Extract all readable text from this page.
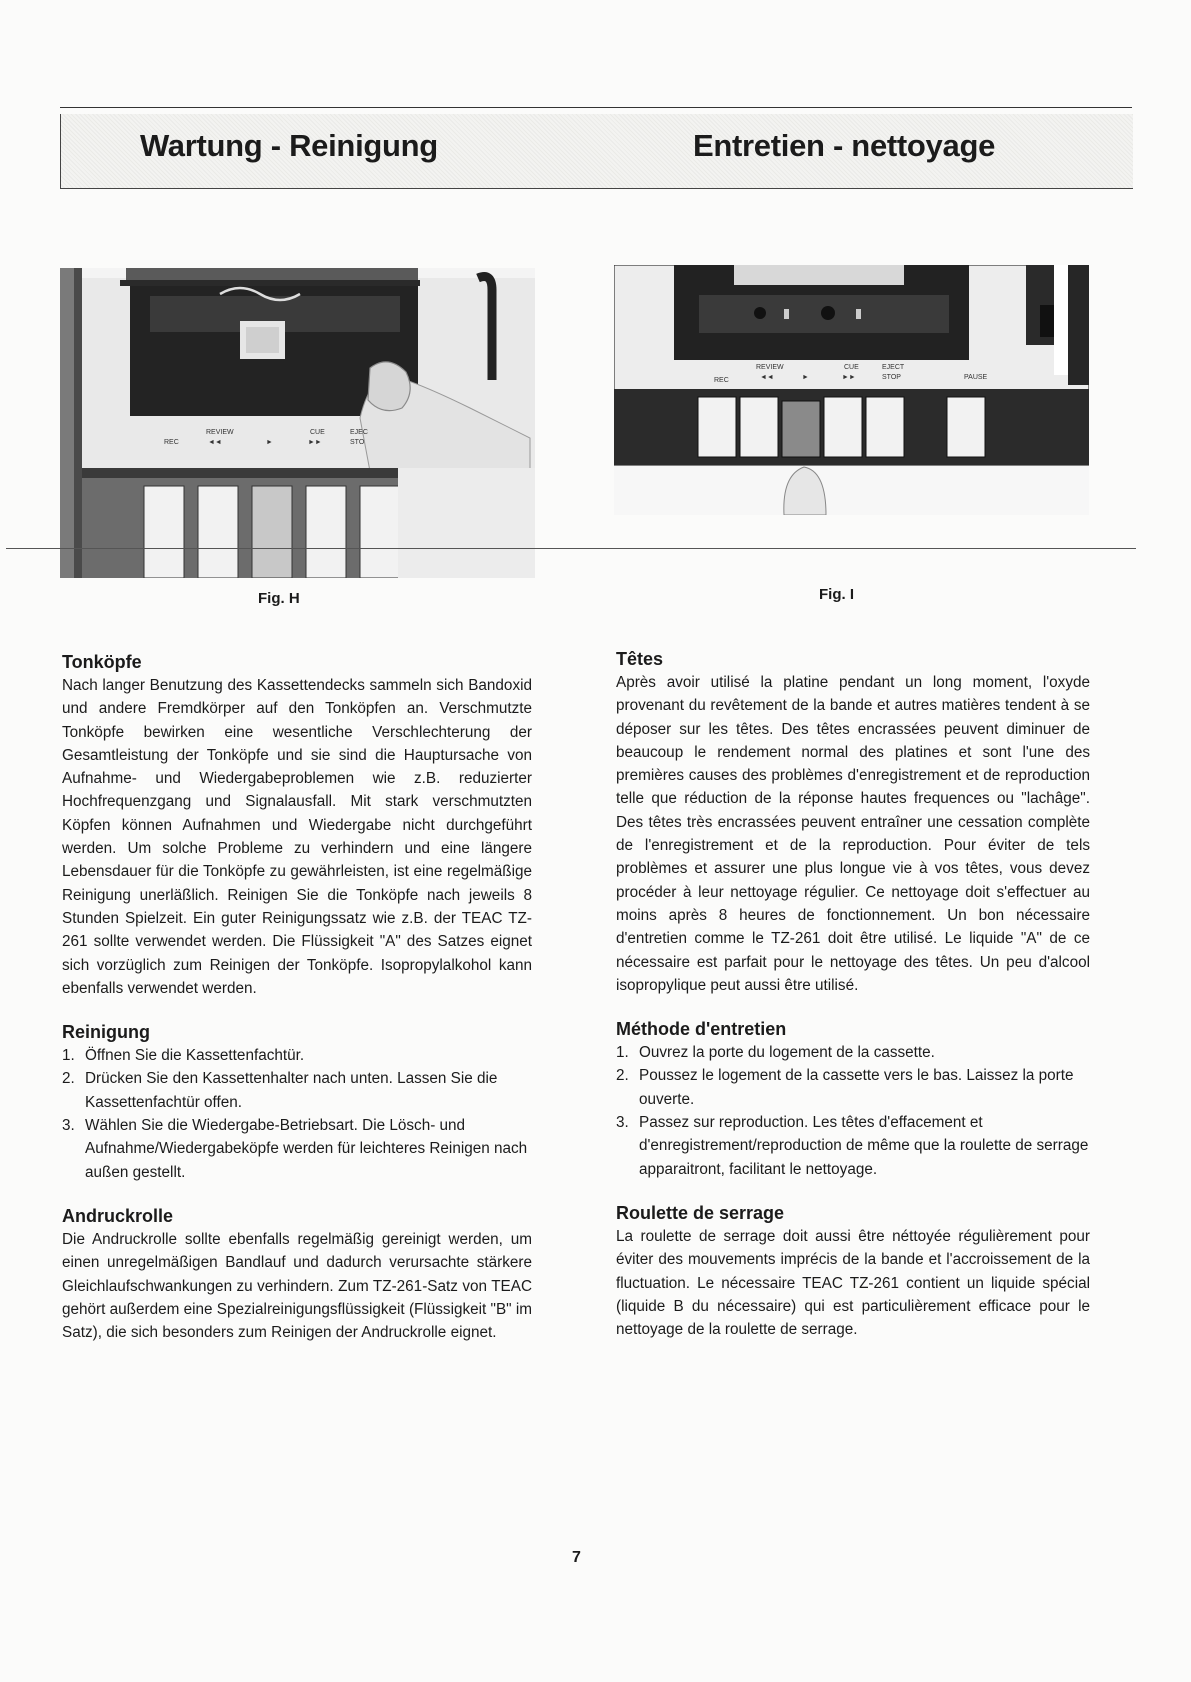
Wartung - Reinigung	Entretien - nettoyage
REC
REVIEW
◄◄	►
CUE
►►
EJEC
STO
REC
REVIEW
◄◄	►
CUE
►►
EJECT
STOP	PAUSE
Fig. H	Fig. I
Tonköpfe

Nach langer Benutzung des Kassettendecks sammeln sich Bandoxid und andere Fremdkörper auf den Tonköpfen an. Verschmutzte Tonköpfe bewirken eine wesentliche Verschlechterung der Gesamtleistung der Tonköpfe und sie sind die Hauptursache von Aufnahme- und Wiedergabeproblemen wie z.B. reduzierter Hochfrequenzgang und Signalausfall. Mit stark verschmutzten Köpfen können Aufnahmen und Wiedergabe nicht durchgeführt werden. Um solche Probleme zu verhindern und eine längere Lebensdauer für die Tonköpfe zu gewährleisten, ist eine regelmäßige Reinigung unerläßlich. Reinigen Sie die Tonköpfe nach jeweils 8 Stunden Spielzeit. Ein guter Reinigungssatz wie z.B. der TEAC TZ-261 sollte verwendet werden. Die Flüssigkeit "A" des Satzes eignet sich vorzüglich zum Reinigen der Tonköpfe. Isopropylalkohol kann ebenfalls verwendet werden.

Reinigung
1. Öffnen Sie die Kassettenfachtür.
2. Drücken Sie den Kassettenhalter nach unten. Lassen Sie die Kassettenfachtür offen.
3. Wählen Sie die Wiedergabe-Betriebsart. Die Lösch- und Aufnahme/Wiedergabeköpfe werden für leichteres Reinigen nach außen gestellt.
Andruckrolle

Die Andruckrolle sollte ebenfalls regelmäßig gereinigt werden, um einen unregelmäßigen Bandlauf und dadurch verursachte stärkere Gleichlaufschwankungen zu verhindern. Zum TZ-261-Satz von TEAC gehört außerdem eine Spezialreinigungsflüssigkeit (Flüssigkeit "B" im Satz), die sich besonders zum Reinigen der Andruckrolle eignet.

Têtes

Après avoir utilisé la platine pendant un long moment, l'oxyde provenant du revêtement de la bande et autres matières tendent à se déposer sur les têtes. Des têtes encrassées peuvent diminuer de beaucoup le rendement normal des platines et sont l'une des premières causes des problèmes d'enregistrement et de reproduction telle que réduction de la réponse hautes frequences ou "lachâge". Des têtes très encrassées peuvent entraîner une cessation complète de l'enregistrement et de la reproduction. Pour éviter de tels problèmes et assurer une plus longue vie à vos têtes, vous devez procéder à leur nettoyage régulier. Ce nettoyage doit s'effectuer au moins après 8 heures de fonctionnement. Un bon nécessaire d'entretien comme le TZ-261 doit être utilisé. Le liquide "A" de ce nécessaire est parfait pour le nettoyage des têtes. Un peu d'alcool isopropylique peut aussi être utilisé.

Méthode d'entretien
1. Ouvrez la porte du logement de la cassette.
2. Poussez le logement de la cassette vers le bas. Laissez la porte ouverte.
3. Passez sur reproduction. Les têtes d'effacement et d'enregistrement/reproduction de même que la roulette de serrage apparaitront, facilitant le nettoyage.
Roulette de serrage

La roulette de serrage doit aussi être néttoyée régulièrement pour éviter des mouvements imprécis de la bande et l'accroissement de la fluctuation. Le nécessaire TEAC TZ-261 contient un liquide spécial (liquide B du nécessaire) qui est particulièrement efficace pour le nettoyage de la roulette de serrage.

7
